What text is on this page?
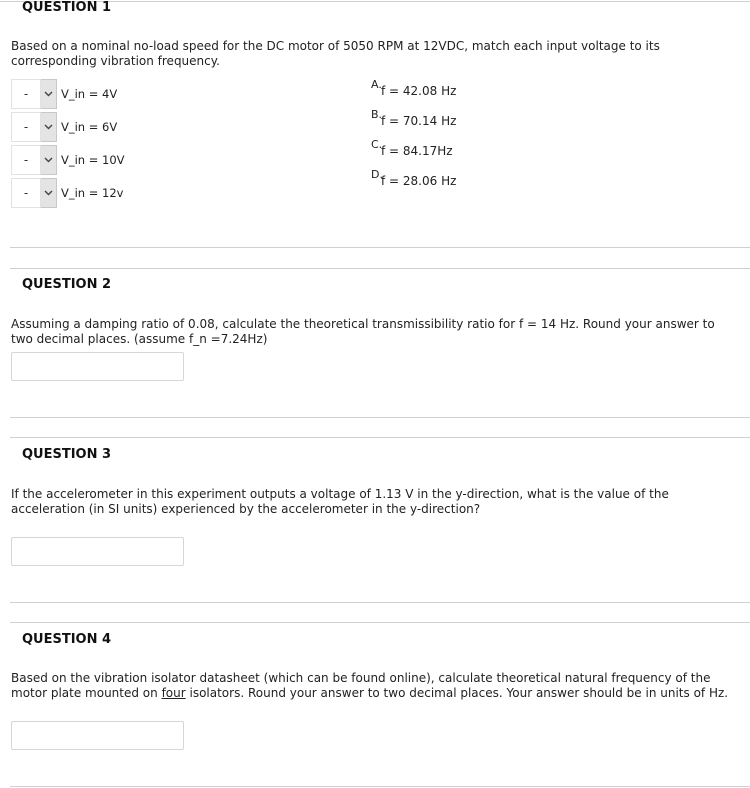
QUESTION 1
Based on a nominal no-load speed for the DC motor of 5050 RPM at 12VDC, match each input voltage to its corresponding vibration frequency.
-	V_in = 4V
-	V_in = 6V
-	V_in = 10V
-	V_in = 12v
A. f = 42.08 Hz
B.
f = 70.14 Hz
C.
f = 84.17Hz
D.
f = 28.06 Hz
QUESTION 2
Assuming a damping ratio of 0.08, calculate the theoretical transmissibility ratio for f = 14 Hz. Round your answer to two decimal places. (assume f_n =7.24Hz)
QUESTION 3
If the accelerometer in this experiment outputs a voltage of 1.13 V in the y-direction, what is the value of the acceleration (in SI units) experienced by the accelerometer in the y-direction?
QUESTION 4
Based on the vibration isolator datasheet (which can be found online), calculate theoretical natural frequency of the motor plate mounted on four isolators. Round your answer to two decimal places. Your answer should be in units of Hz.
